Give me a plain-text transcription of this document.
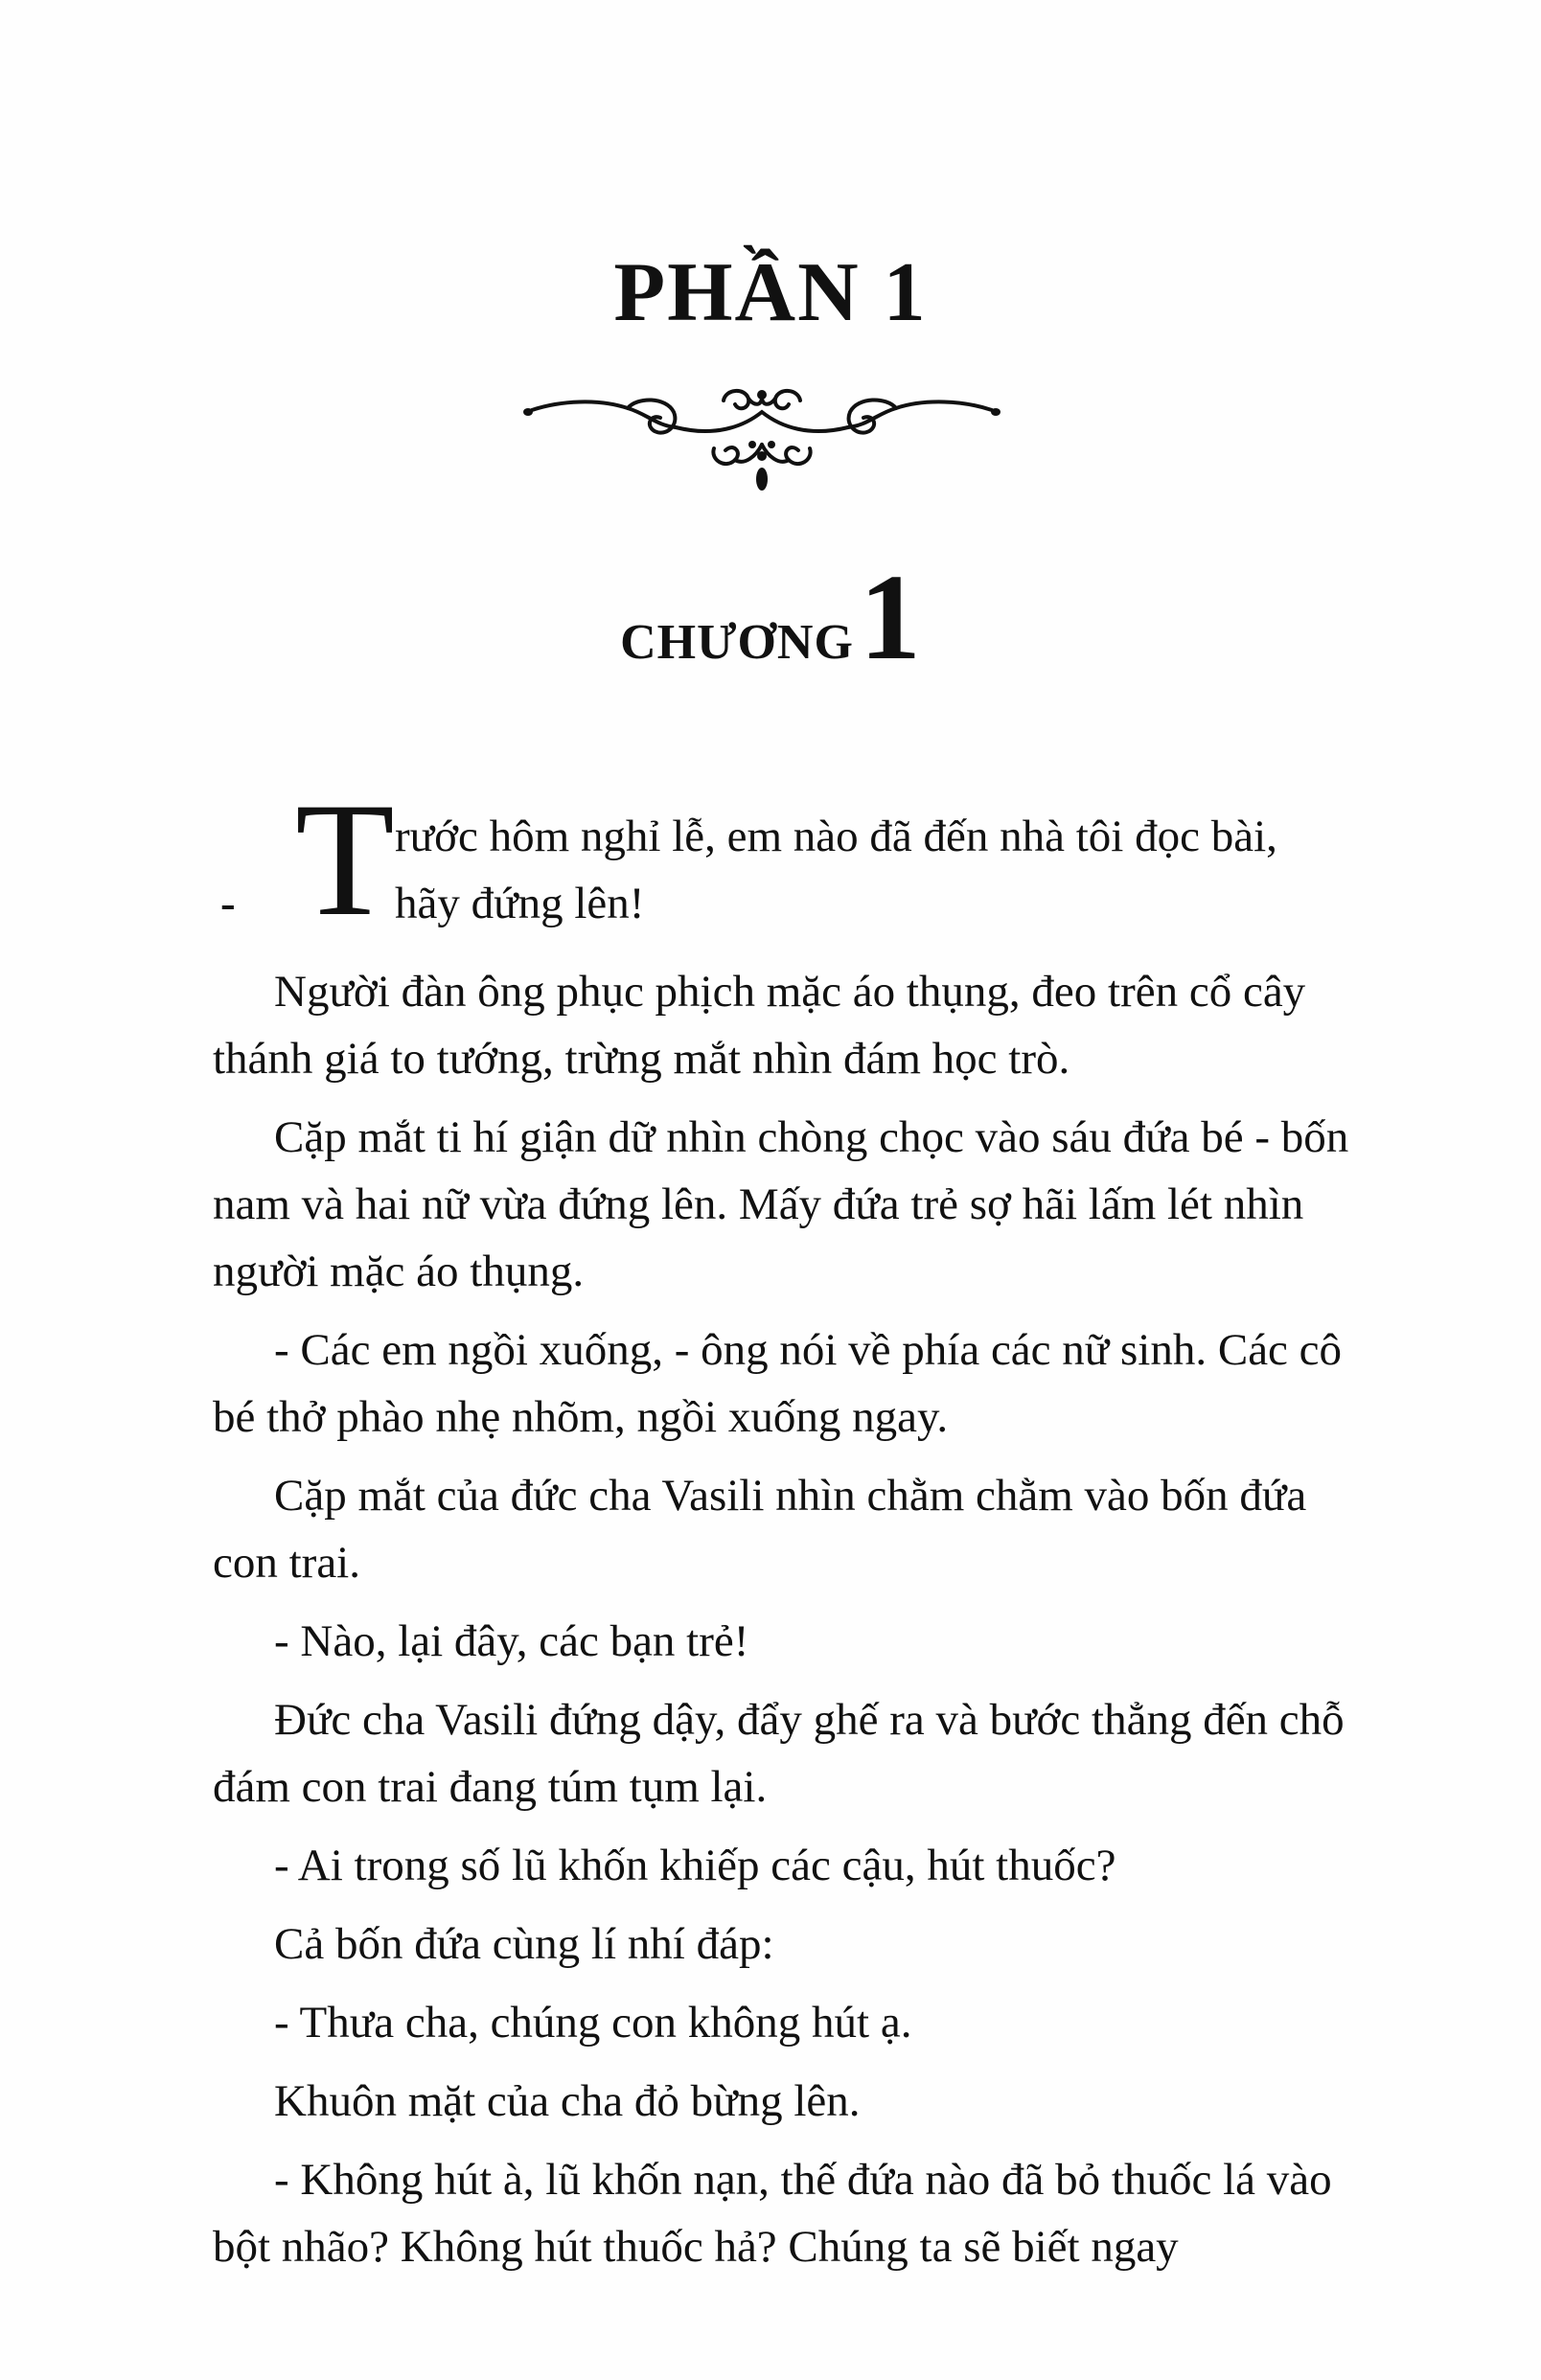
PHẦN 1
CHƯƠNG1
- T rước hôm nghỉ lễ, em nào đã đến nhà tôi đọc bài,
hãy đứng lên!

Người đàn ông phục phịch mặc áo thụng, đeo trên cổ cây thánh giá to tướng, trừng mắt nhìn đám học trò.

Cặp mắt ti hí giận dữ nhìn chòng chọc vào sáu đứa bé - bốn nam và hai nữ vừa đứng lên. Mấy đứa trẻ sợ hãi lấm lét nhìn người mặc áo thụng.

- Các em ngồi xuống, - ông nói về phía các nữ sinh. Các cô bé thở phào nhẹ nhõm, ngồi xuống ngay.

Cặp mắt của đức cha Vasili nhìn chằm chằm vào bốn đứa con trai.

- Nào, lại đây, các bạn trẻ!

Đức cha Vasili đứng dậy, đẩy ghế ra và bước thẳng đến chỗ đám con trai đang túm tụm lại.

- Ai trong số lũ khốn khiếp các cậu, hút thuốc?

Cả bốn đứa cùng lí nhí đáp:

- Thưa cha, chúng con không hút ạ.

Khuôn mặt của cha đỏ bừng lên.

- Không hút à, lũ khốn nạn, thế đứa nào đã bỏ thuốc lá vào bột nhão? Không hút thuốc hả? Chúng ta sẽ biết ngay
